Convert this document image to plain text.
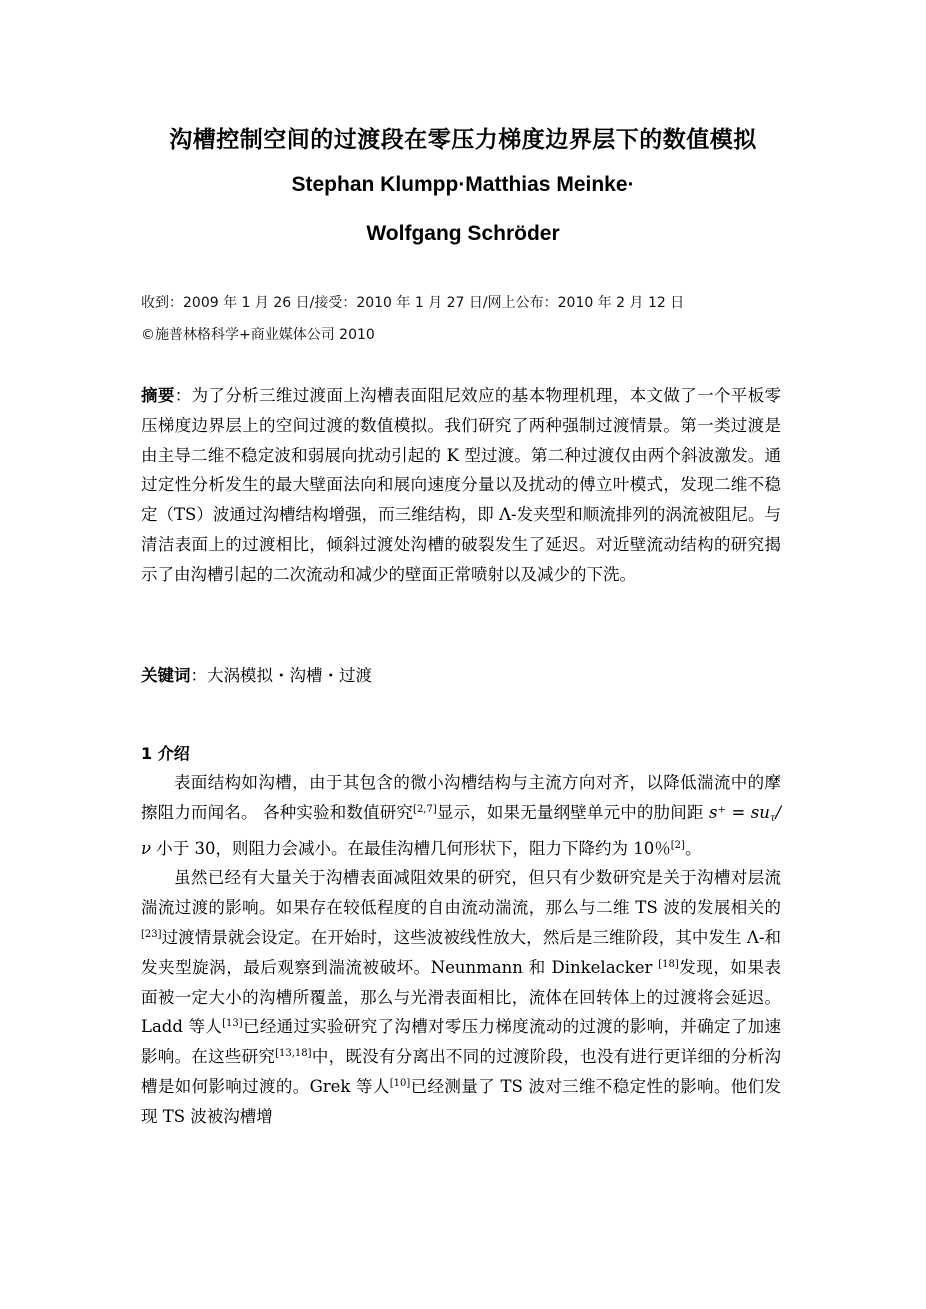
沟槽控制空间的过渡段在零压力梯度边界层下的数值模拟
Stephan Klumpp·Matthias Meinke·
Wolfgang Schröder
收到：2009 年 1 月 26 日/接受：2010 年 1 月 27 日/网上公布：2010 年 2 月 12 日
©施普林格科学+商业媒体公司 2010
摘要：为了分析三维过渡面上沟槽表面阻尼效应的基本物理机理，本文做了一个平板零压梯度边界层上的空间过渡的数值模拟。我们研究了两种强制过渡情景。第一类过渡是由主导二维不稳定波和弱展向扰动引起的 K 型过渡。第二种过渡仅由两个斜波激发。通过定性分析发生的最大壁面法向和展向速度分量以及扰动的傅立叶模式，发现二维不稳定（TS）波通过沟槽结构增强，而三维结构，即 Λ-发夹型和顺流排列的涡流被阻尼。与清洁表面上的过渡相比，倾斜过渡处沟槽的破裂发生了延迟。对近壁流动结构的研究揭示了由沟槽引起的二次流动和减少的壁面正常喷射以及减少的下洗。
关键词：大涡模拟・沟槽・过渡
1 介绍

表面结构如沟槽，由于其包含的微小沟槽结构与主流方向对齐，以降低湍流中的摩擦阻力而闻名。 各种实验和数值研究[2,7]显示，如果无量纲壁单元中的肋间距 $s^+ = su_\tau/\nu$ 小于 30，则阻力会减小。在最佳沟槽几何形状下，阻力下降约为 10％[2]。

虽然已经有大量关于沟槽表面减阻效果的研究，但只有少数研究是关于沟槽对层流湍流过渡的影响。如果存在较低程度的自由流动湍流，那么与二维 TS 波的发展相关的[23]过渡情景就会设定。在开始时，这些波被线性放大，然后是三维阶段，其中发生 Λ-和发夹型旋涡，最后观察到湍流被破坏。Neunmann 和 Dinkelacker [18]发现，如果表面被一定大小的沟槽所覆盖，那么与光滑表面相比，流体在回转体上的过渡将会延迟。Ladd 等人[13]已经通过实验研究了沟槽对零压力梯度流动的过渡的影响，并确定了加速影响。在这些研究[13,18]中，既没有分离出不同的过渡阶段，也没有进行更详细的分析沟槽是如何影响过渡的。Grek 等人[10]已经测量了 TS 波对三维不稳定性的影响。他们发现 TS 波被沟槽增
